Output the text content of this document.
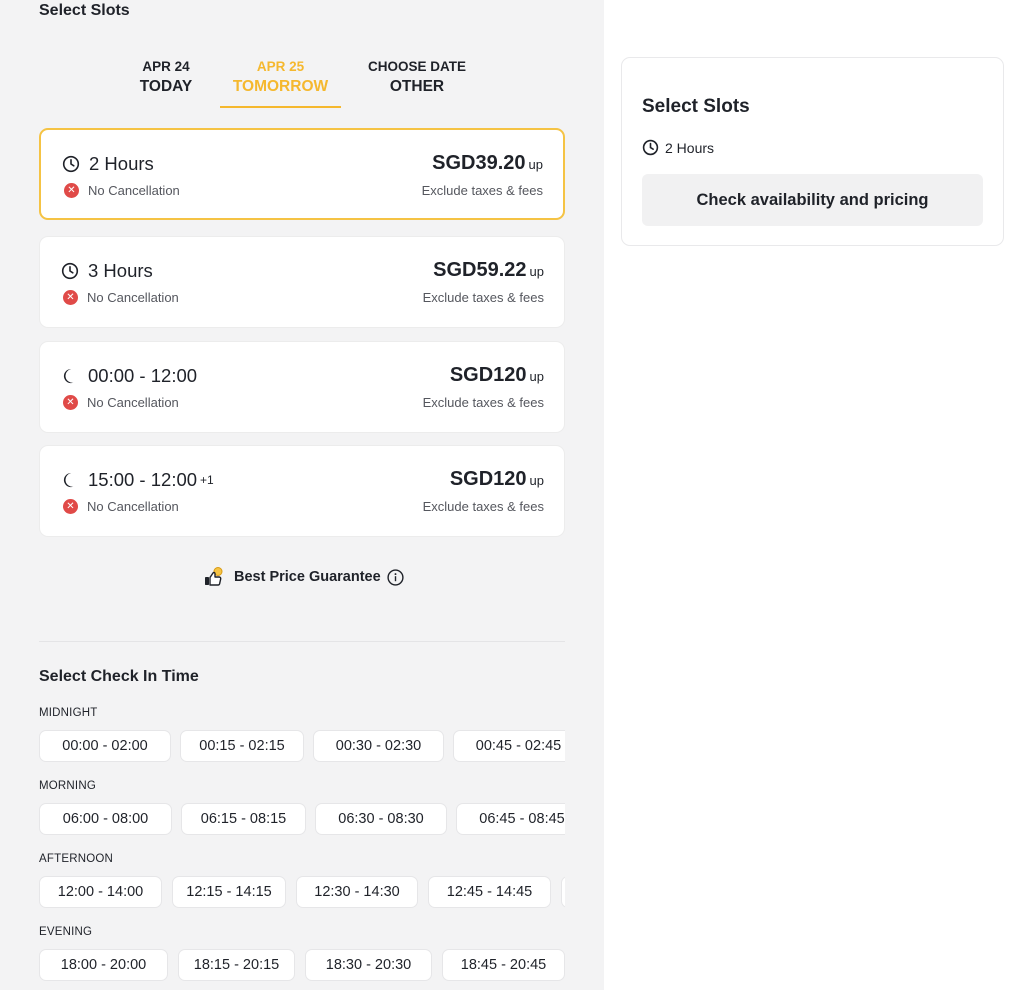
Select Slots
APR 24
TODAY
APR 25
TOMORROW
CHOOSE DATE
OTHER
2 Hours
✕ No Cancellation
SGD39.20 up
Exclude taxes & fees
3 Hours
✕ No Cancellation
SGD59.22 up
Exclude taxes & fees
00:00 - 12:00
✕ No Cancellation
SGD120 up
Exclude taxes & fees
15:00 - 12:00 +1
✕ No Cancellation
SGD120 up
Exclude taxes & fees
Best Price Guarantee
Select Check In Time
MIDNIGHT
00:00 - 02:00	00:15 - 02:15	00:30 - 02:30	00:45 - 02:45
MORNING
06:00 - 08:00	06:15 - 08:15	06:30 - 08:30	06:45 - 08:45
AFTERNOON
12:00 - 14:00	12:15 - 14:15	12:30 - 14:30	12:45 - 14:45
EVENING
18:00 - 20:00	18:15 - 20:15	18:30 - 20:30	18:45 - 20:45
Select Slots
2 Hours
Check availability and pricing
